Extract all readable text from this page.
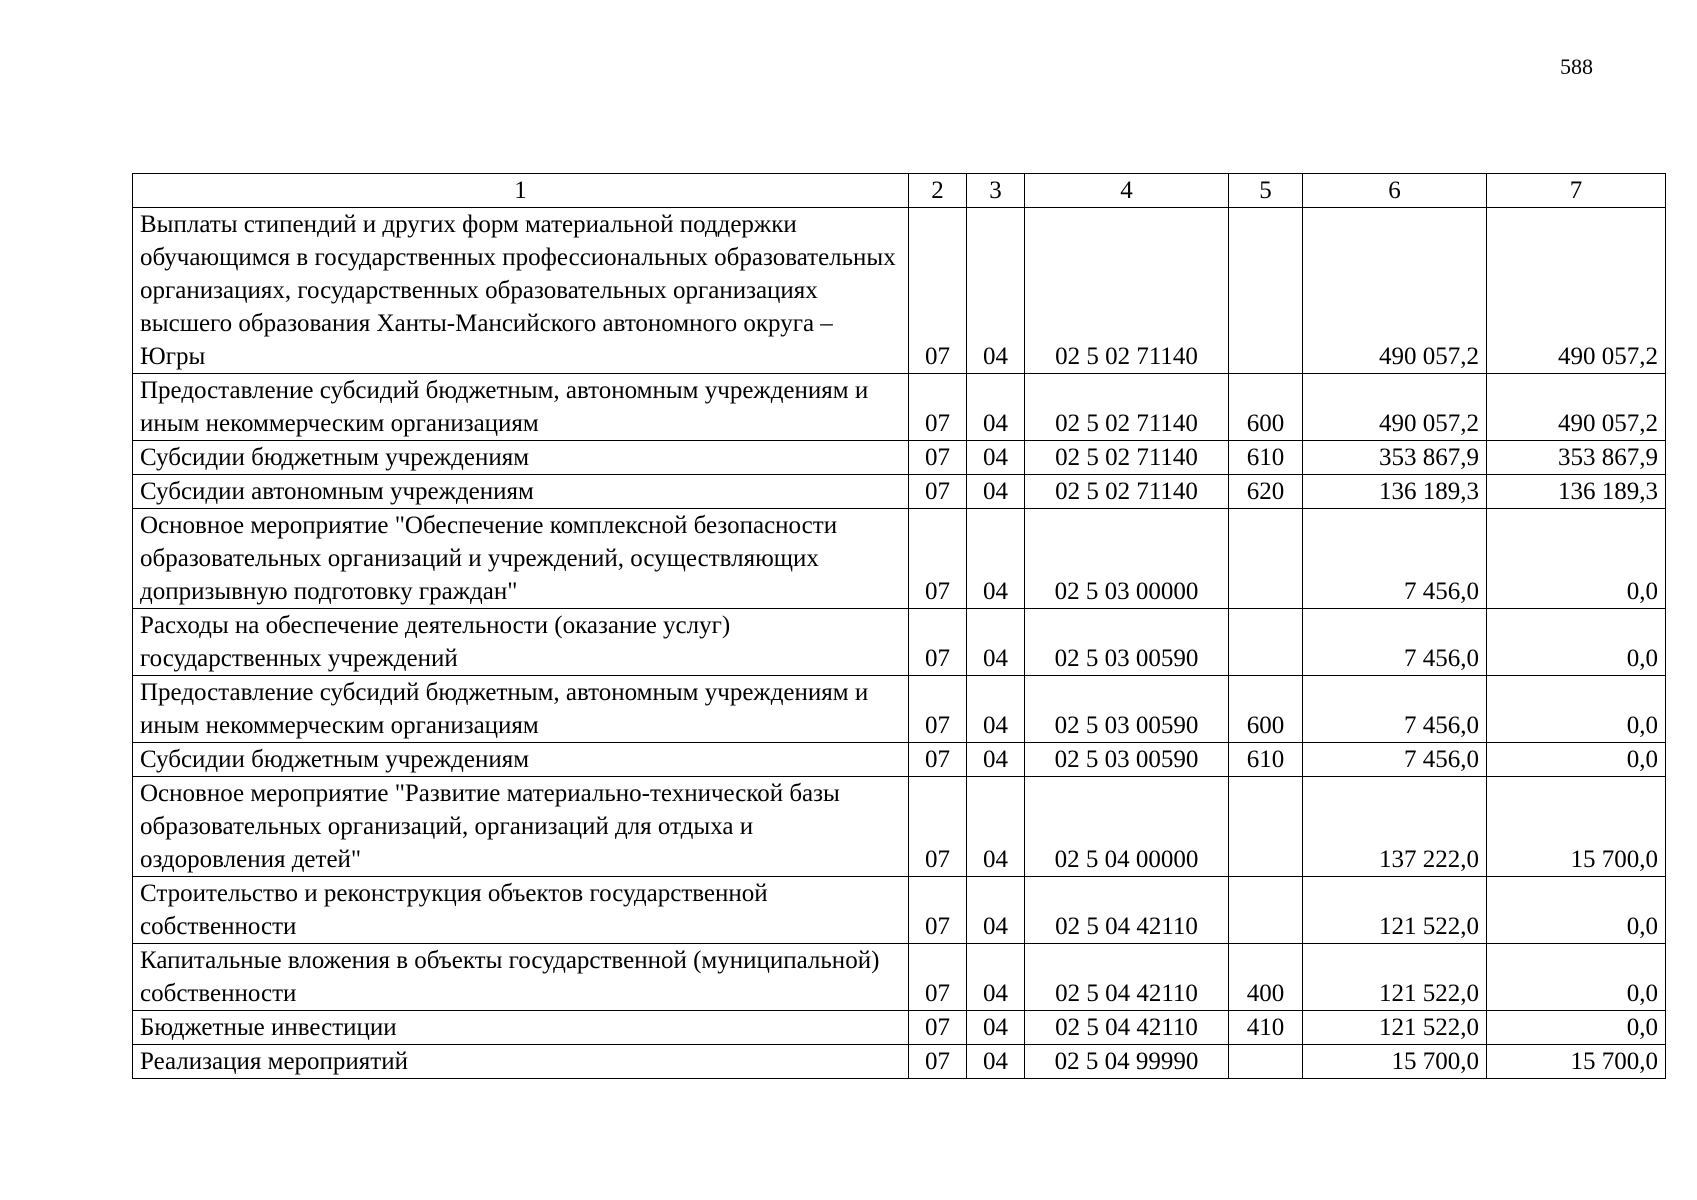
588
1	2	3	4	5	6	7
Выплаты стипендий и других форм материальной поддержки обучающимся в государственных профессиональных образовательных организациях, государственных образовательных организациях высшего образования Ханты-Мансийского автономного округа – Югры	07	04	02 5 02 71140		490 057,2	490 057,2
Предоставление субсидий бюджетным, автономным учреждениям и иным некоммерческим организациям	07	04	02 5 02 71140	600	490 057,2	490 057,2
Субсидии бюджетным учреждениям	07	04	02 5 02 71140	610	353 867,9	353 867,9
Субсидии автономным учреждениям	07	04	02 5 02 71140	620	136 189,3	136 189,3
Основное мероприятие "Обеспечение комплексной безопасности образовательных организаций и учреждений, осуществляющих допризывную подготовку граждан"	07	04	02 5 03 00000		7 456,0	0,0
Расходы на обеспечение деятельности (оказание услуг) государственных учреждений	07	04	02 5 03 00590		7 456,0	0,0
Предоставление субсидий бюджетным, автономным учреждениям и иным некоммерческим организациям	07	04	02 5 03 00590	600	7 456,0	0,0
Субсидии бюджетным учреждениям	07	04	02 5 03 00590	610	7 456,0	0,0
Основное мероприятие "Развитие материально-технической базы образовательных организаций, организаций для отдыха и оздоровления детей"	07	04	02 5 04 00000		137 222,0	15 700,0
Строительство и реконструкция объектов государственной собственности	07	04	02 5 04 42110		121 522,0	0,0
Капитальные вложения в объекты государственной (муниципальной) собственности	07	04	02 5 04 42110	400	121 522,0	0,0
Бюджетные инвестиции	07	04	02 5 04 42110	410	121 522,0	0,0
Реализация мероприятий	07	04	02 5 04 99990		15 700,0	15 700,0
